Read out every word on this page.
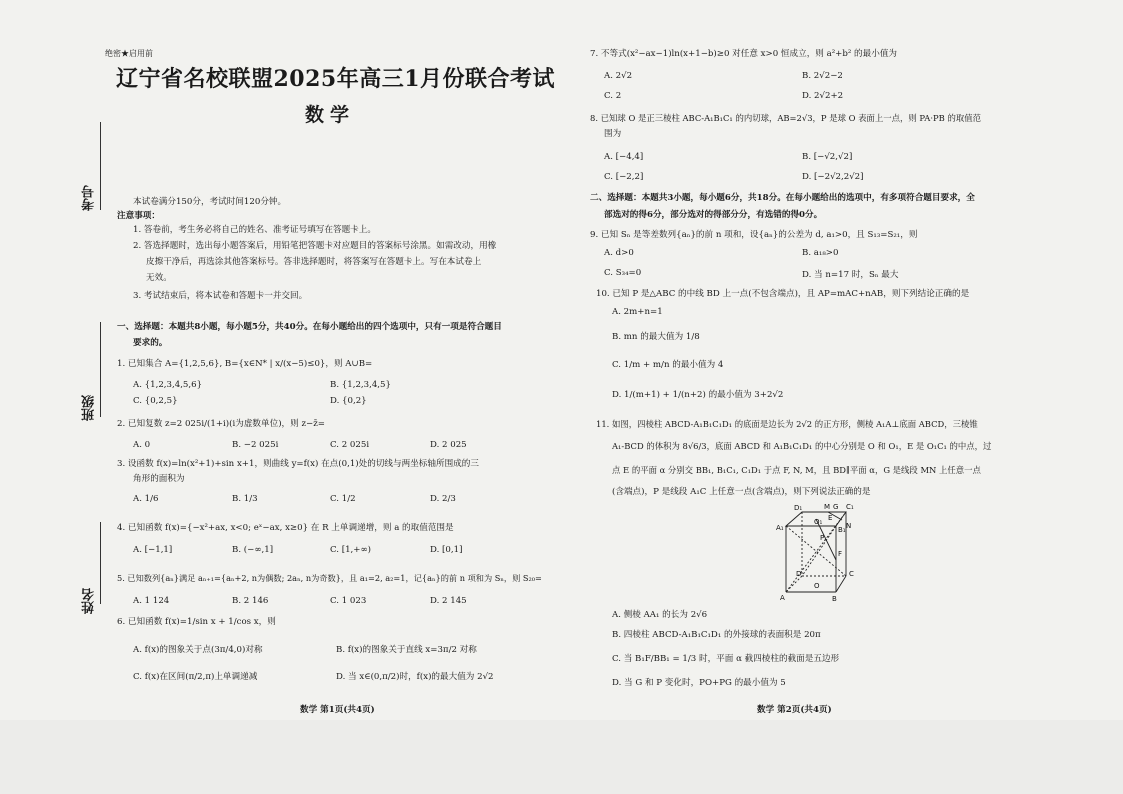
绝密★启用前
辽宁省名校联盟2025年高三1月份联合考试
数学
考号
班级
姓名
本试卷满分150分，考试时间120分钟。
注意事项：
1. 答卷前，考生务必将自己的姓名、准考证号填写在答题卡上。
2. 答选择题时，选出每小题答案后，用铅笔把答题卡对应题目的答案标号涂黑。如需改动，用橡
皮擦干净后，再选涂其他答案标号。答非选择题时，将答案写在答题卡上。写在本试卷上
无效。
3. 考试结束后，将本试卷和答题卡一并交回。
一、选择题：本题共8小题，每小题5分，共40分。在每小题给出的四个选项中，只有一项是符合题目
要求的。
1. 已知集合 A={1,2,5,6}, B={x∈N* | x/(x−5)≤0}，则 A∪B=
A. {1,2,3,4,5,6}	B. {1,2,3,4,5}
C. {0,2,5}	D. {0,2}
2. 已知复数 z=2 025i/(1+i)(i为虚数单位)，则 z−z̄=
A. 0	B. −2 025i	C. 2 025i	D. 2 025
3. 设函数 f(x)=ln(x²+1)+sin x+1，则曲线 y=f(x) 在点(0,1)处的切线与两坐标轴所围成的三
角形的面积为
A. 1/6	B. 1/3	C. 1/2	D. 2/3
4. 已知函数 f(x)={−x²+ax, x<0; eˣ−ax, x≥0} 在 R 上单调递增，则 a 的取值范围是
A. [−1,1]	B. (−∞,1]	C. [1,+∞)	D. [0,1]
5. 已知数列{aₙ}满足 aₙ₊₁={aₙ+2, n为偶数; 2aₙ, n为奇数}，且 a₁=2, a₂=1，记{aₙ}的前 n 项和为 Sₙ，则 S₂₀=
A. 1 124	B. 2 146	C. 1 023	D. 2 145
6. 已知函数 f(x)=1/sin x + 1/cos x，则
A. f(x)的图象关于点(3π/4,0)对称	B. f(x)的图象关于直线 x=3π/2 对称
C. f(x)在区间(π/2,π)上单调递减	D. 当 x∈(0,π/2)时，f(x)的最大值为 2√2
数学 第1页(共4页)
7. 不等式(x²−ax−1)ln(x+1−b)≥0 对任意 x>0 恒成立，则 a²+b² 的最小值为
A. 2√2	B. 2√2−2
C. 2	D. 2√2+2
8. 已知球 O 是正三棱柱 ABC-A₁B₁C₁ 的内切球，AB=2√3，P 是球 O 表面上一点，则 PA·PB 的取值范
围为
A. [−4,4]	B. [−√2,√2]
C. [−2,2]	D. [−2√2,2√2]
二、选择题：本题共3小题，每小题6分，共18分。在每小题给出的选项中，有多项符合题目要求，全
部选对的得6分，部分选对的得部分分，有选错的得0分。
9. 已知 Sₙ 是等差数列{aₙ}的前 n 项和，设{aₙ}的公差为 d, a₁>0，且 S₁₃=S₂₁，则
A. d>0	B. a₁₈>0
C. S₃₄=0	D. 当 n=17 时，Sₙ 最大
10. 已知 P 是△ABC 的中线 BD 上一点(不包含端点)，且 AP=mAC+nAB，则下列结论正确的是
A. 2m+n=1
B. mn 的最大值为 1/8
C. 1/m + m/n 的最小值为 4
D. 1/(m+1) + 1/(n+2) 的最小值为 3+2√2
11. 如图，四棱柱 ABCD-A₁B₁C₁D₁ 的底面是边长为 2√2 的正方形，侧棱 A₁A⊥底面 ABCD，三棱锥
A₁-BCD 的体积为 8√6/3，底面 ABCD 和 A₁B₁C₁D₁ 的中心分别是 O 和 O₁，E 是 O₁C₁ 的中点，过
点 E 的平面 α 分别交 BB₁, B₁C₁, C₁D₁ 于点 F, N, M，且 BD∥平面 α，G 是线段 MN 上任意一点
(含端点)，P 是线段 A₁C 上任意一点(含端点)，则下列说法正确的是
D₁	M G C₁
A₁	B₁
P
N
O₁ E
F
D	C
A	B
O
A. 侧棱 AA₁ 的长为 2√6
B. 四棱柱 ABCD-A₁B₁C₁D₁ 的外接球的表面积是 20π
C. 当 B₁F/BB₁ = 1/3 时，平面 α 截四棱柱的截面是五边形
D. 当 G 和 P 变化时，PO+PG 的最小值为 5
数学 第2页(共4页)
